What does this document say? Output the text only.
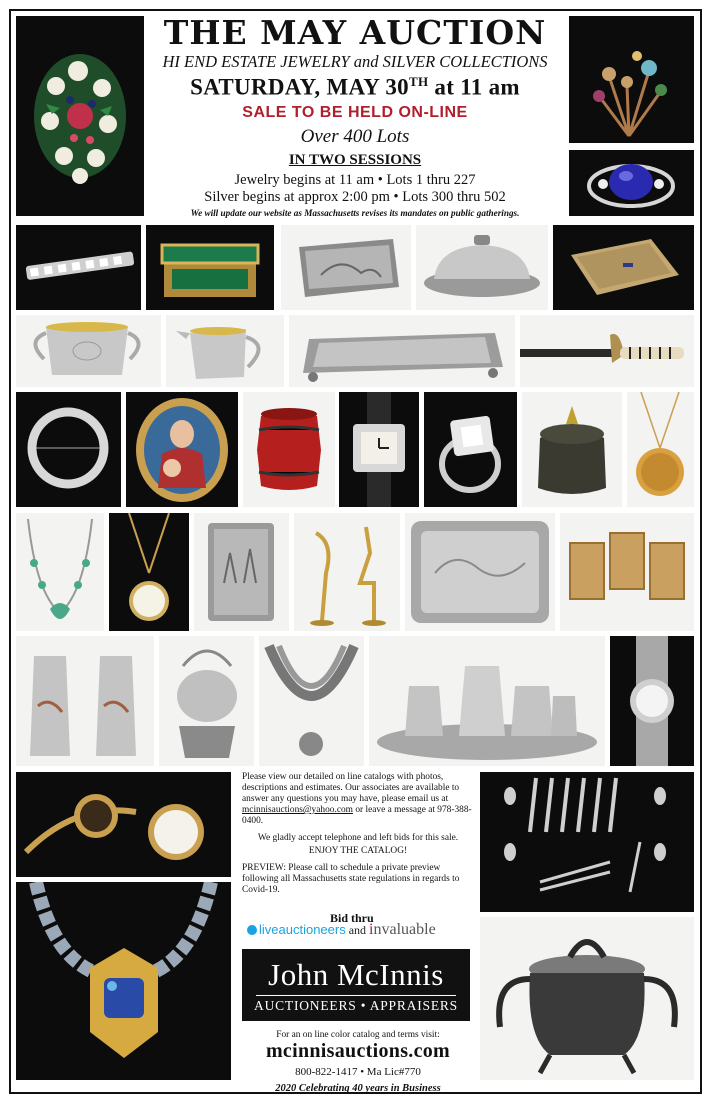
THE MAY AUCTION
HI END ESTATE JEWELRY and SILVER COLLECTIONS
SATURDAY, MAY 30TH at 11 am
SALE TO BE HELD ON-LINE
Over 400 Lots
IN TWO SESSIONS
Jewelry begins at 11 am • Lots 1 thru 227
Silver begins at approx 2:00 pm • Lots 300 thru 502
We will update our website as Massachusetts revises its mandates on public gatherings.

Please view our detailed on line catalogs with photos, descriptions and estimates. Our associates are available to answer any questions you may have, please email us at mcinnisauctions@yahoo.com or leave a message at 978-388-0400.

We gladly accept telephone and left bids for this sale.

ENJOY THE CATALOG!

PREVIEW: Please call to schedule a private preview following all Massachusetts state regulations in regards to Covid-19.

Bid thru
liveauctioneers and invaluable
John McInnis
AUCTIONEERS • APPRAISERS
For an on line color catalog and terms visit:
mcinnisauctions.com
800-822-1417 • Ma Lic#770
2020 Celebrating 40 years in Business
